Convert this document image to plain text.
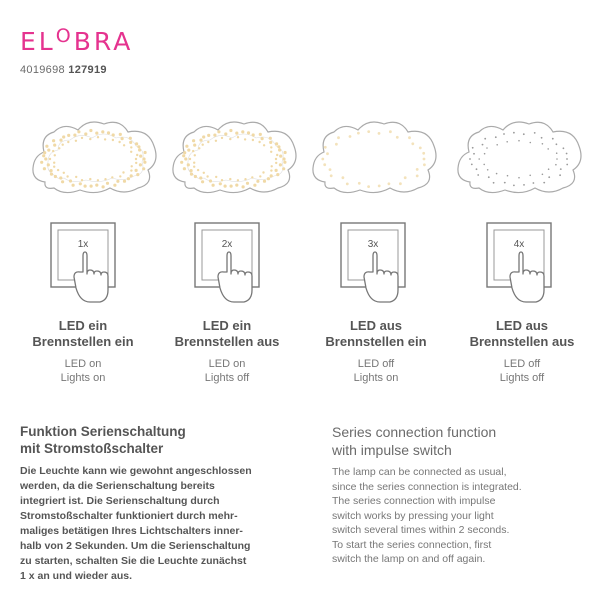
$EL^OBRA$
4019698 127919
1x	2x	3x	4x
LED ein
Brennstellen ein
LED on
Lights on
LED ein
Brennstellen aus
LED on
Lights off
LED aus
Brennstellen ein
LED off
Lights on
LED aus
Brennstellen aus
LED off
Lights off
Funktion Serienschaltung
mit Stromstoßschalter
Die Leuchte kann wie gewohnt angeschlossen
werden, da die Serienschaltung bereits
integriert ist. Die Serienschaltung durch
Stromstoßschalter funktioniert durch mehr-
maliges betätigen Ihres Lichtschalters inner-
halb von 2 Sekunden. Um die Serienschaltung
zu starten, schalten Sie die Leuchte zunächst
1 x an und wieder aus.
Series connection function
with impulse switch
The lamp can be connected as usual,
since the series connection is integrated.
The series connection with impulse
switch works by pressing your light
switch several times within 2 seconds.
To start the series connection, first
switch the lamp on and off again.
